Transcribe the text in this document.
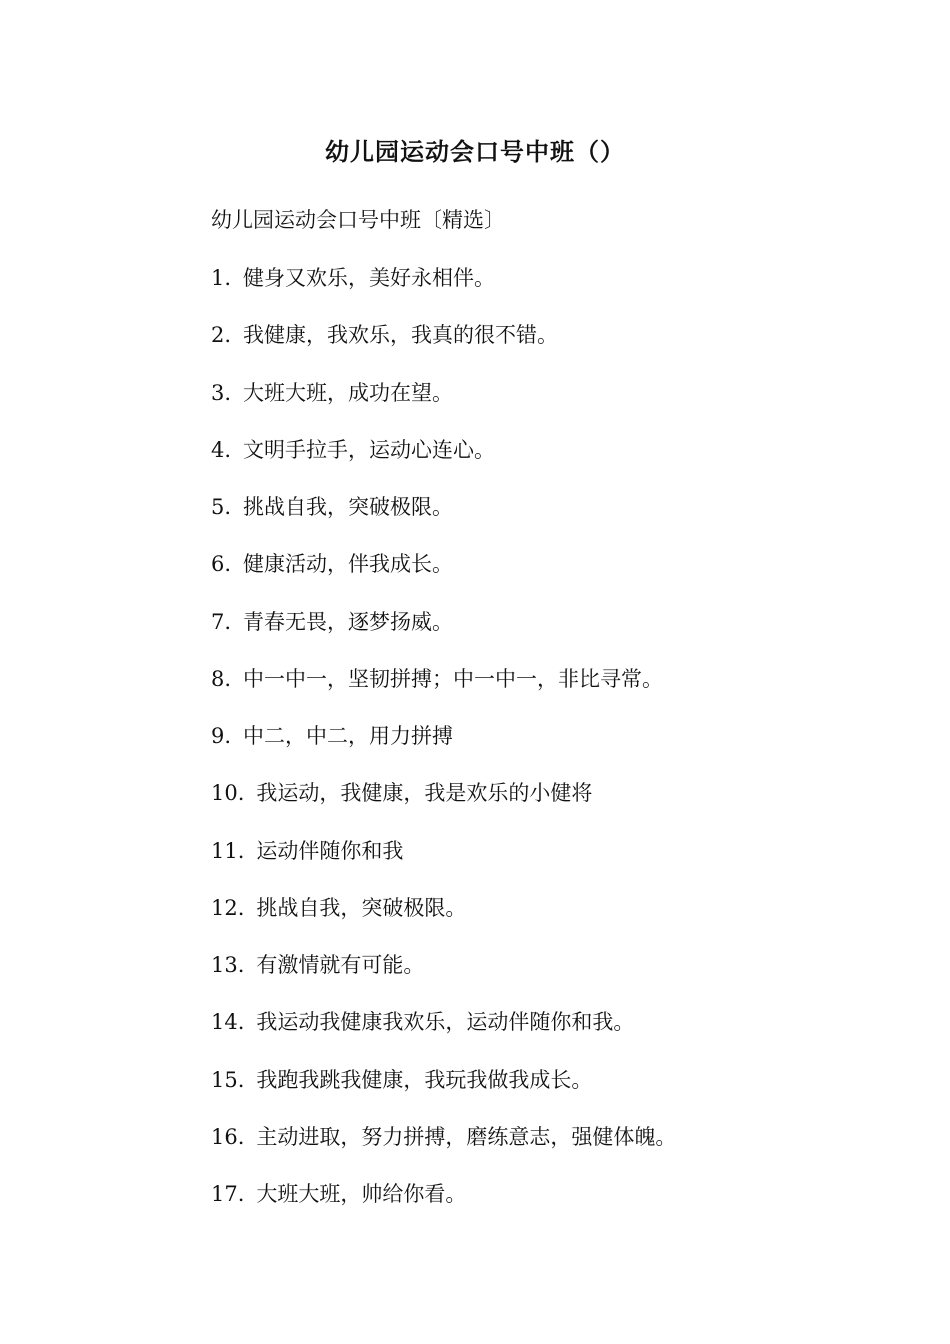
幼儿园运动会口号中班（）
幼儿园运动会口号中班〔精选〕
1. 健身又欢乐，美好永相伴。
2. 我健康，我欢乐，我真的很不错。
3. 大班大班，成功在望。
4. 文明手拉手，运动心连心。
5. 挑战自我，突破极限。
6. 健康活动，伴我成长。
7. 青春无畏，逐梦扬威。
8. 中一中一，坚韧拼搏；中一中一，非比寻常。
9. 中二，中二，用力拼搏
10. 我运动，我健康，我是欢乐的小健将
11. 运动伴随你和我
12. 挑战自我，突破极限。
13. 有激情就有可能。
14. 我运动我健康我欢乐，运动伴随你和我。
15. 我跑我跳我健康，我玩我做我成长。
16. 主动进取，努力拼搏，磨练意志，强健体魄。
17. 大班大班，帅给你看。
